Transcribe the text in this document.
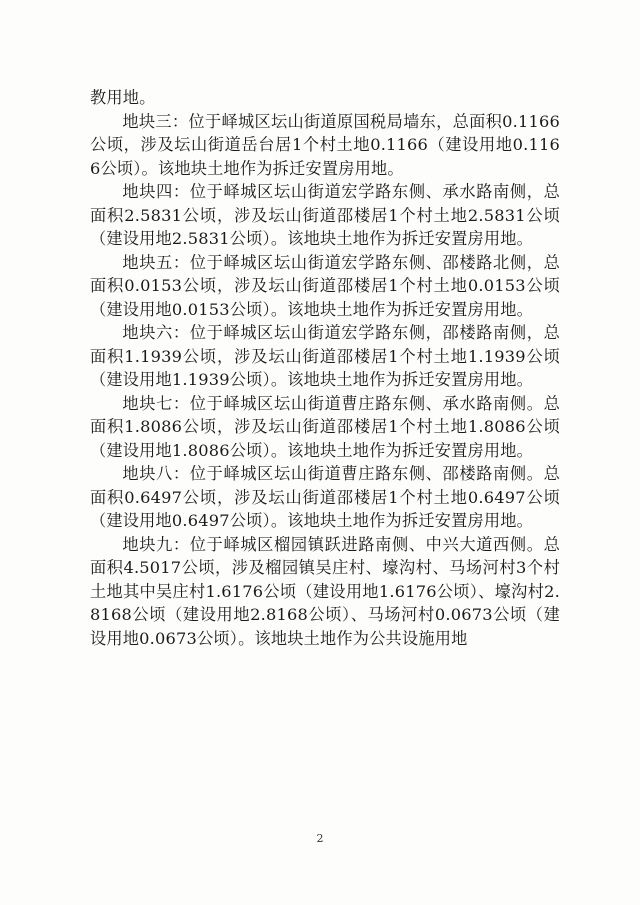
教用地。

地块三：位于峄城区坛山街道原国税局墙东，总面积0.1166公顷，涉及坛山街道岳台居1个村土地0.1166（建设用地0.1166公顷）。该地块土地作为拆迁安置房用地。

地块四：位于峄城区坛山街道宏学路东侧、承水路南侧，总面积2.5831公顷，涉及坛山街道邵楼居1个村土地2.5831公顷（建设用地2.5831公顷）。该地块土地作为拆迁安置房用地。

地块五：位于峄城区坛山街道宏学路东侧、邵楼路北侧，总面积0.0153公顷，涉及坛山街道邵楼居1个村土地0.0153公顷（建设用地0.0153公顷）。该地块土地作为拆迁安置房用地。

地块六：位于峄城区坛山街道宏学路东侧，邵楼路南侧，总面积1.1939公顷，涉及坛山街道邵楼居1个村土地1.1939公顷（建设用地1.1939公顷）。该地块土地作为拆迁安置房用地。

地块七：位于峄城区坛山街道曹庄路东侧、承水路南侧。总面积1.8086公顷，涉及坛山街道邵楼居1个村土地1.8086公顷（建设用地1.8086公顷）。该地块土地作为拆迁安置房用地。

地块八：位于峄城区坛山街道曹庄路东侧、邵楼路南侧。总面积0.6497公顷，涉及坛山街道邵楼居1个村土地0.6497公顷（建设用地0.6497公顷）。该地块土地作为拆迁安置房用地。

地块九：位于峄城区榴园镇跃进路南侧、中兴大道西侧。总面积4.5017公顷，涉及榴园镇吴庄村、壕沟村、马场河村3个村土地其中吴庄村1.6176公顷（建设用地1.6176公顷）、壕沟村2.8168公顷（建设用地2.8168公顷）、马场河村0.0673公顷（建设用地0.0673公顷）。该地块土地作为公共设施用地

2
